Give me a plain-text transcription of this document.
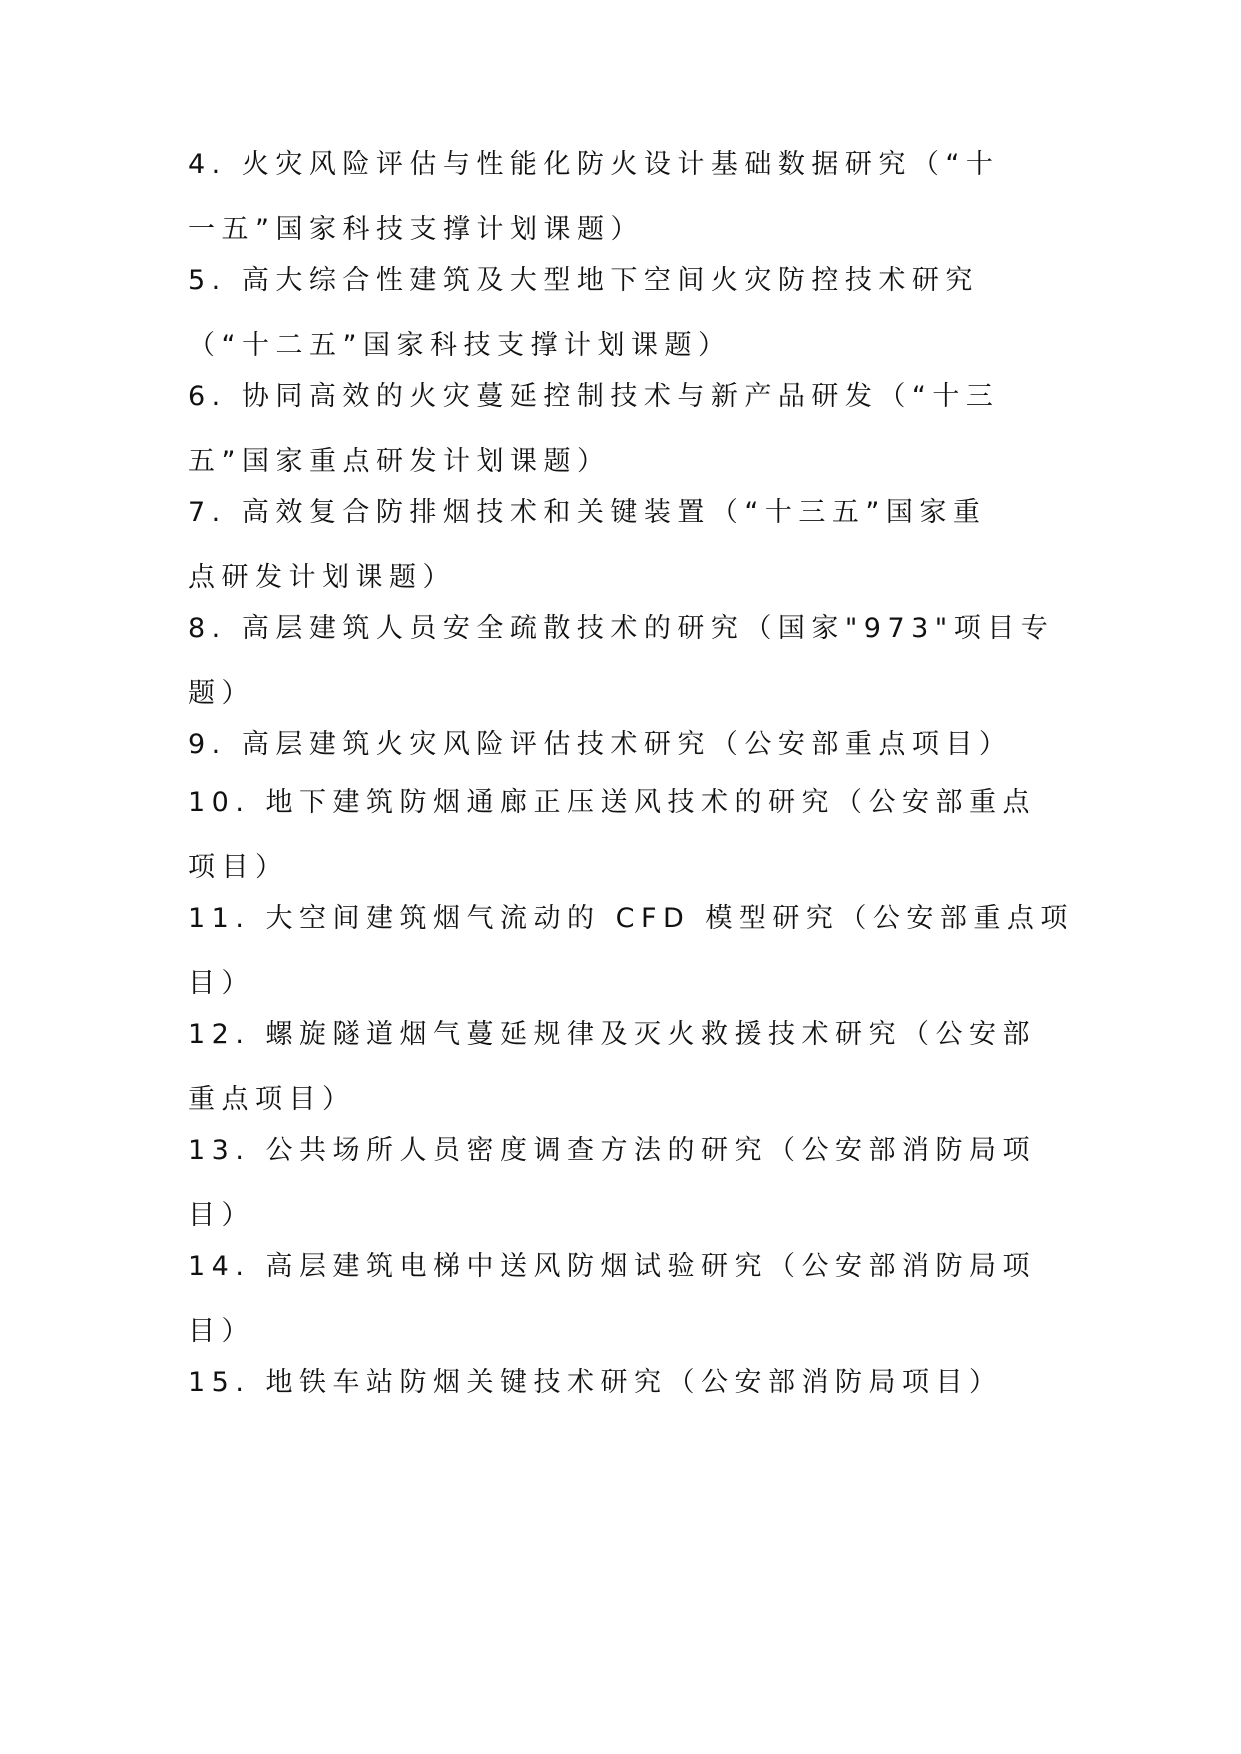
4. 火灾风险评估与性能化防火设计基础数据研究（“十
一五”国家科技支撑计划课题）
5. 高大综合性建筑及大型地下空间火灾防控技术研究
（“十二五”国家科技支撑计划课题）
6. 协同高效的火灾蔓延控制技术与新产品研发（“十三
五”国家重点研发计划课题）
7. 高效复合防排烟技术和关键装置（“十三五”国家重
点研发计划课题）
8. 高层建筑人员安全疏散技术的研究（国家"973"项目专
题）
9. 高层建筑火灾风险评估技术研究（公安部重点项目）
10. 地下建筑防烟通廊正压送风技术的研究（公安部重点
项目）
11. 大空间建筑烟气流动的 CFD 模型研究（公安部重点项
目）
12. 螺旋隧道烟气蔓延规律及灭火救援技术研究（公安部
重点项目）
13. 公共场所人员密度调查方法的研究（公安部消防局项
目）
14. 高层建筑电梯中送风防烟试验研究（公安部消防局项
目）
15. 地铁车站防烟关键技术研究（公安部消防局项目）
